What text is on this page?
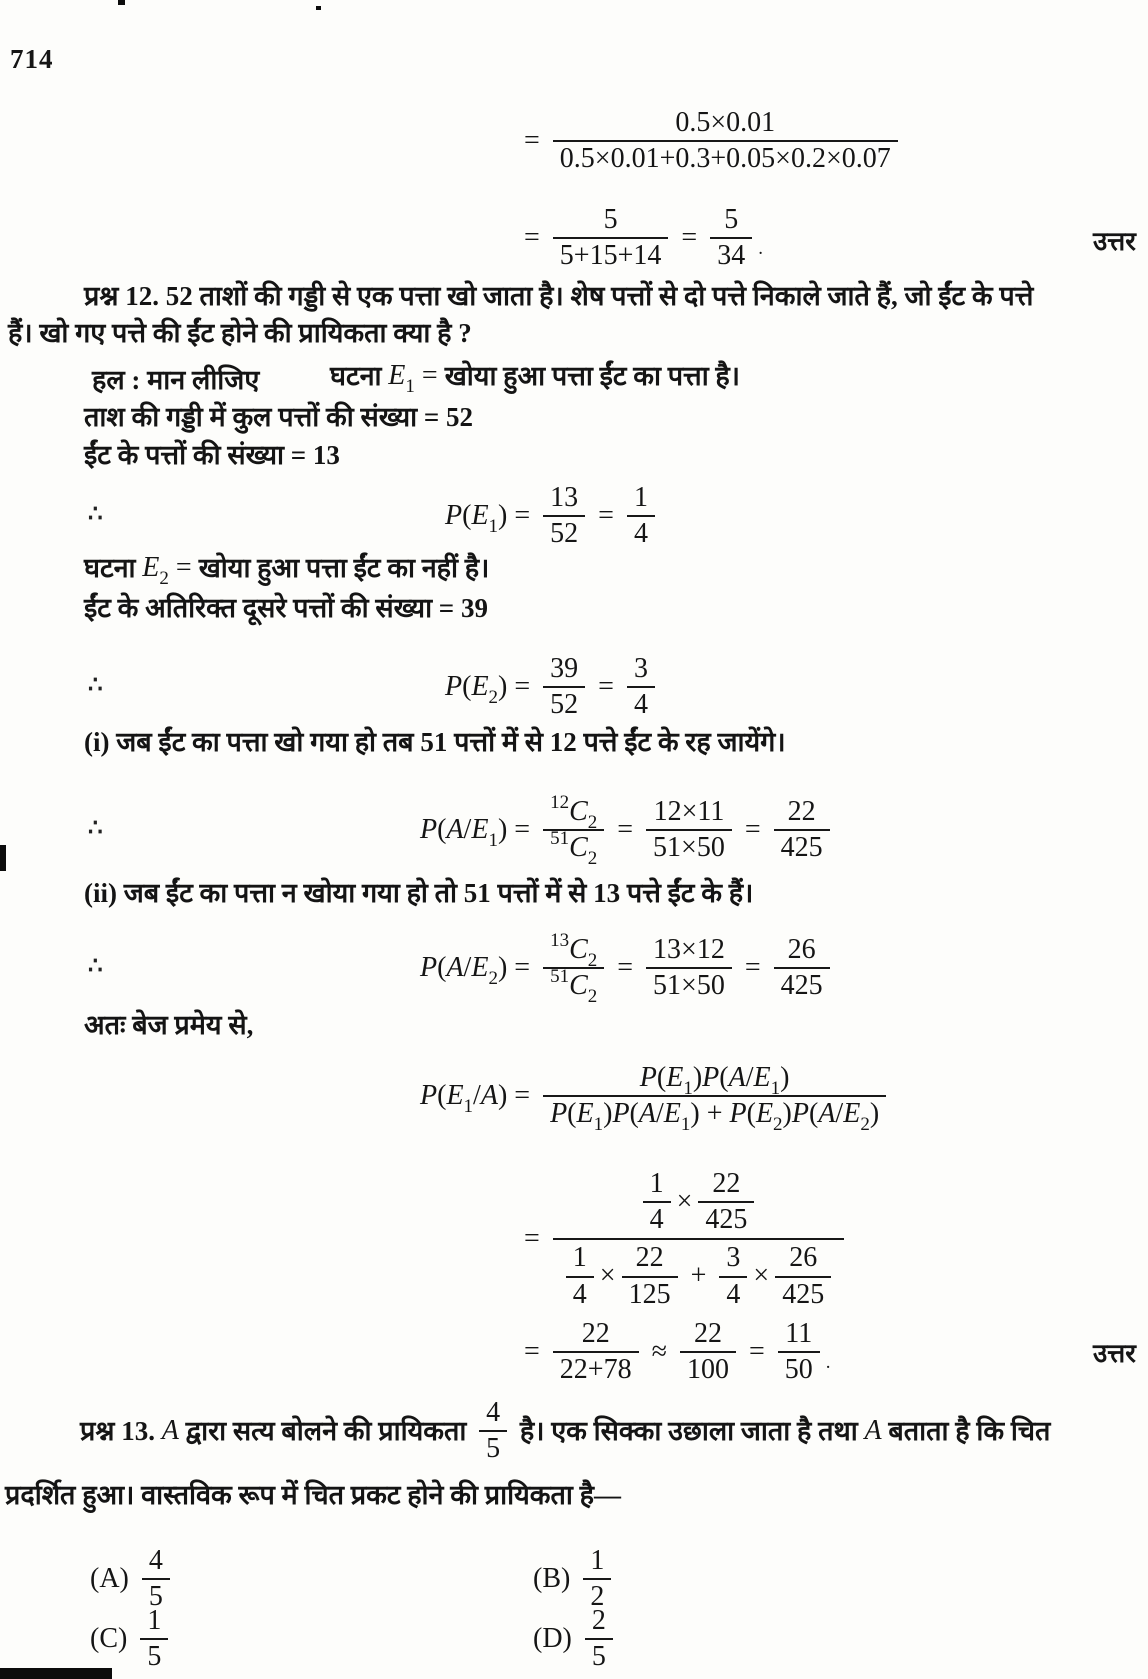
714
= $\frac{0.5\times 0.01}{0.5\times 0.01+0.3+0.05\times 0.2\times 0.07}$
= $\frac{5}{5+15+14} = \frac{5}{34}$ .	उत्तर
प्रश्न 12. 52 ताशों की गड्डी से एक पत्ता खो जाता है। शेष पत्तों से दो पत्ते निकाले जाते हैं, जो ईंट के पत्ते
हैं। खो गए पत्ते की ईंट होने की प्रायिकता क्या है ?
हल : मान लीजिए	घटना E 1 = खोया हुआ पत्ता ईंट का पत्ता है।
ताश की गड्डी में कुल पत्तों की संख्या = 52
ईंट के पत्तों की संख्या = 13
∴	P ( E 1 ) = $\frac{13}{52} = \frac{1}{4}$
घटना E 2 = खोया हुआ पत्ता ईंट का नहीं है।
ईंट के अतिरिक्त दूसरे पत्तों की संख्या = 39
∴	P ( E 2 ) = $\frac{39}{52} = \frac{3}{4}$
(i) जब ईंट का पत्ता खो गया हो तब 51 पत्तों में से 12 पत्ते ईंट के रह जायेंगे।
∴	P ( A / E 1 ) = $\frac{12 C 2}{51 C 2} = \frac{12\times 11}{51\times 50} = \frac{22}{425}$
(ii) जब ईंट का पत्ता न खोया गया हो तो 51 पत्तों में से 13 पत्ते ईंट के हैं।
∴	P ( A / E 2 ) = $\frac{13 C 2}{51 C 2} = \frac{13\times 12}{51\times 50} = \frac{26}{425}$
अतः बेज प्रमेय से,
P ( E 1 / A ) = $\frac{P ( E 1 ) P ( A / E 1 )}{P ( E 1 ) P ( A / E 1 ) + P ( E 2 ) P ( A / E 2 )}$
= $\frac{\frac{1}{4} \times \frac{22}{425}}{\frac{1}{4} \times \frac{22}{125} + \frac{3}{4} \times \frac{26}{425}}$
= $\frac{22}{22+78} \approx \frac{22}{100} = \frac{11}{50}$ .	उत्तर
प्रश्न 13. A द्वारा सत्य बोलने की प्रायिकता $\frac{4}{5}$ है। एक सिक्का उछाला जाता है तथा A बताता है कि चित
प्रदर्शित हुआ। वास्तविक रूप में चित प्रकट होने की प्रायिकता है—
$(A) \frac{4}{5}$	$(B) \frac{1}{2}$
$(C) \frac{1}{5}$	$(D) \frac{2}{5}$
